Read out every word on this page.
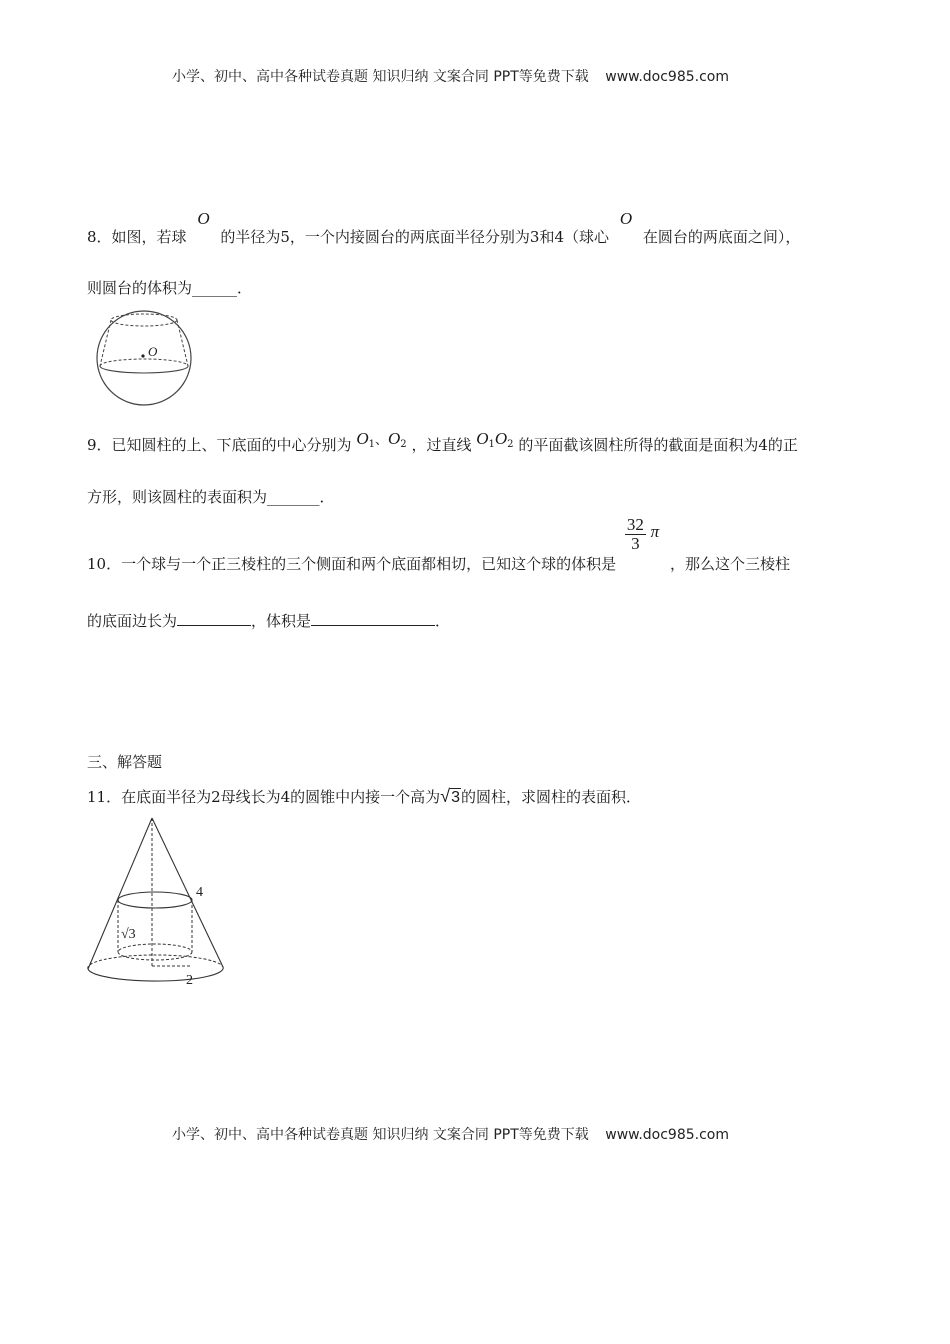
小学、初中、高中各种试卷真题 知识归纳 文案合同 PPT等免费下载 www.doc985.com
8．如图，若球 O 的半径为5，一个内接圆台的两底面半径分别为3和4（球心 O 在圆台的两底面之间），
则圆台的体积为______．
O
9．已知圆柱的上、下底面的中心分别为 $O_1$、$O_2$ ，过直线 $O_1O_2$ 的平面截该圆柱所得的截面是面积为4的正
方形，则该圆柱的表面积为_______．
10．一个球与一个正三棱柱的三个侧面和两个底面都相切，已知这个球的体积是
$\frac{32}{3}$ π ，那么这个三棱柱
的底面边长为	，体积是	．
三、解答题
11．在底面半径为2母线长为4的圆锥中内接一个高为√3的圆柱，求圆柱的表面积．
4
√3
2
小学、初中、高中各种试卷真题 知识归纳 文案合同 PPT等免费下载 www.doc985.com
